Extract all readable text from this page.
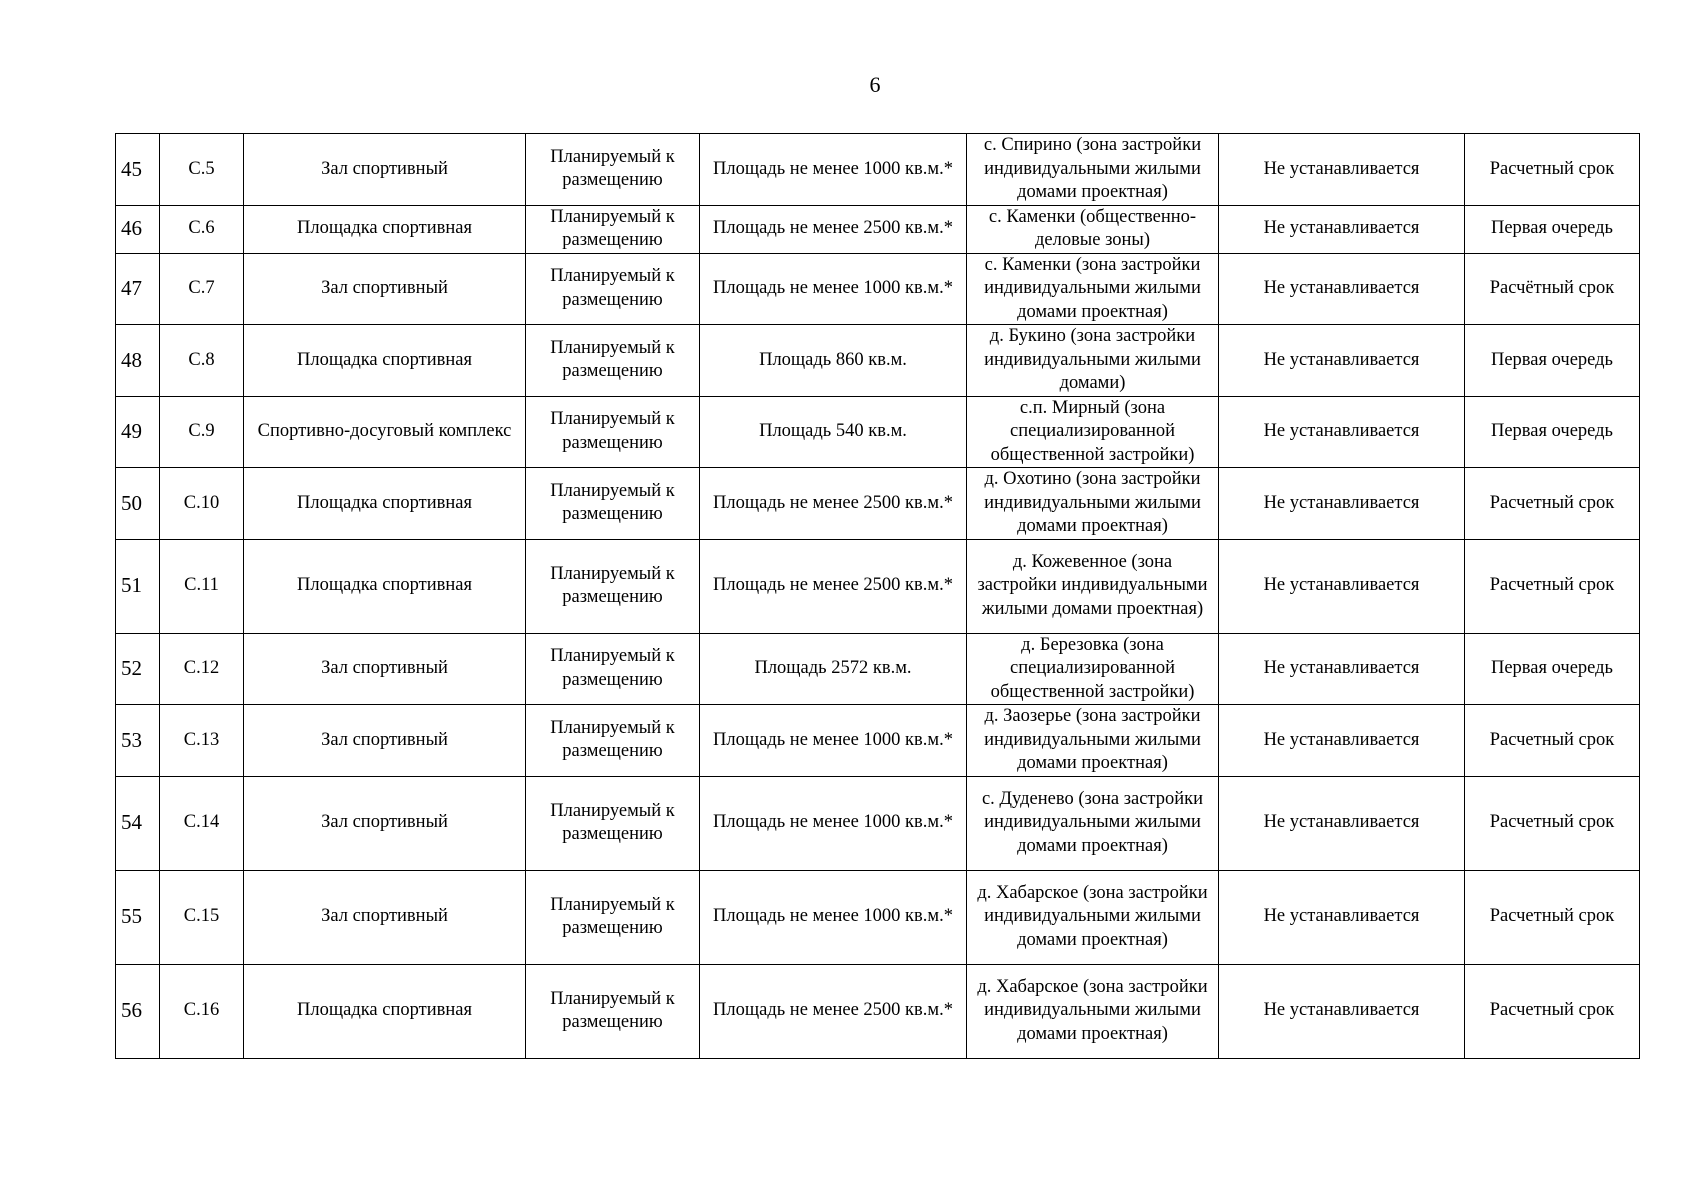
6
45	С.5	Зал спортивный	Планируемый к размещению	Площадь не менее 1000 кв.м.*	с. Спирино (зона застройки индивидуальными жилыми домами проектная)	Не устанавливается	Расчетный срок
46	С.6	Площадка спортивная	Планируемый к размещению	Площадь не менее 2500 кв.м.*	с. Каменки (общественно-деловые зоны)	Не устанавливается	Первая очередь
47	С.7	Зал спортивный	Планируемый к размещению	Площадь не менее 1000 кв.м.*	с. Каменки (зона застройки индивидуальными жилыми домами проектная)	Не устанавливается	Расчётный срок
48	С.8	Площадка спортивная	Планируемый к размещению	Площадь 860 кв.м.	д. Букино (зона застройки индивидуальными жилыми домами)	Не устанавливается	Первая очередь
49	С.9	Спортивно-досуговый комплекс	Планируемый к размещению	Площадь 540 кв.м.	с.п. Мирный (зона специализированной общественной застройки)	Не устанавливается	Первая очередь
50	С.10	Площадка спортивная	Планируемый к размещению	Площадь не менее 2500 кв.м.*	д. Охотино (зона застройки индивидуальными жилыми домами проектная)	Не устанавливается	Расчетный срок
51	С.11	Площадка спортивная	Планируемый к размещению	Площадь не менее 2500 кв.м.*	д. Кожевенное (зона застройки индивидуальными жилыми домами проектная)	Не устанавливается	Расчетный срок
52	С.12	Зал спортивный	Планируемый к размещению	Площадь 2572 кв.м.	д. Березовка (зона специализированной общественной застройки)	Не устанавливается	Первая очередь
53	С.13	Зал спортивный	Планируемый к размещению	Площадь не менее 1000 кв.м.*	д. Заозерье (зона застройки индивидуальными жилыми домами проектная)	Не устанавливается	Расчетный срок
54	С.14	Зал спортивный	Планируемый к размещению	Площадь не менее 1000 кв.м.*	с. Дуденево (зона застройки индивидуальными жилыми домами проектная)	Не устанавливается	Расчетный срок
55	С.15	Зал спортивный	Планируемый к размещению	Площадь не менее 1000 кв.м.*	д. Хабарское (зона застройки индивидуальными жилыми домами проектная)	Не устанавливается	Расчетный срок
56	С.16	Площадка спортивная	Планируемый к размещению	Площадь не менее 2500 кв.м.*	д. Хабарское (зона застройки индивидуальными жилыми домами проектная)	Не устанавливается	Расчетный срок
